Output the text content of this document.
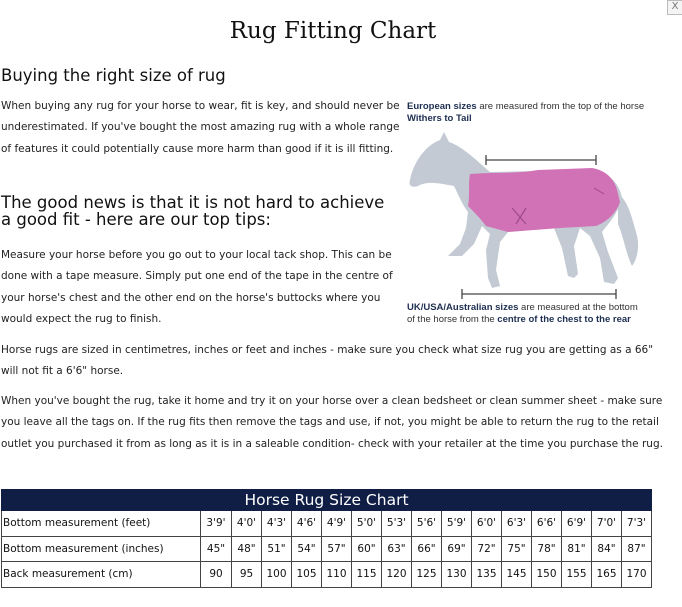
X
Rug Fitting Chart
Buying the right size of rug
When buying any rug for your horse to wear, fit is key, and should never be underestimated. If you've bought the most amazing rug with a whole range of features it could potentially cause more harm than good if it is ill fitting.
The good news is that it is not hard to achieve a good fit - here are our top tips:
Measure your horse before you go out to your local tack shop. This can be done with a tape measure. Simply put one end of the tape in the centre of your horse's chest and the other end on the horse's buttocks where you would expect the rug to finish.
European sizes are measured from the top of the horse
Withers to Tail
UK/USA/Australian sizes are measured at the bottom
of the horse from the centre of the chest to the rear
Horse rugs are sized in centimetres, inches or feet and inches - make sure you check what size rug you are getting as a 66" will not fit a 6'6" horse.
When you've bought the rug, take it home and try it on your horse over a clean bedsheet or clean summer sheet - make sure you leave all the tags on. If the rug fits then remove the tags and use, if not, you might be able to return the rug to the retail outlet you purchased it from as long as it is in a saleable condition- check with your retailer at the time you purchase the rug.
Horse Rug Size Chart															
Bottom measurement (feet)	3'9'	4'0'	4'3'	4'6'	4'9'	5'0'	5'3'	5'6'	5'9'	6'0'	6'3'	6'6'	6'9'	7'0'	7'3'
Bottom measurement (inches)	45"	48"	51"	54"	57"	60"	63"	66"	69"	72"	75"	78"	81"	84"	87"
Back measurement (cm)	90	95	100	105	110	115	120	125	130	135	145	150	155	165	170
